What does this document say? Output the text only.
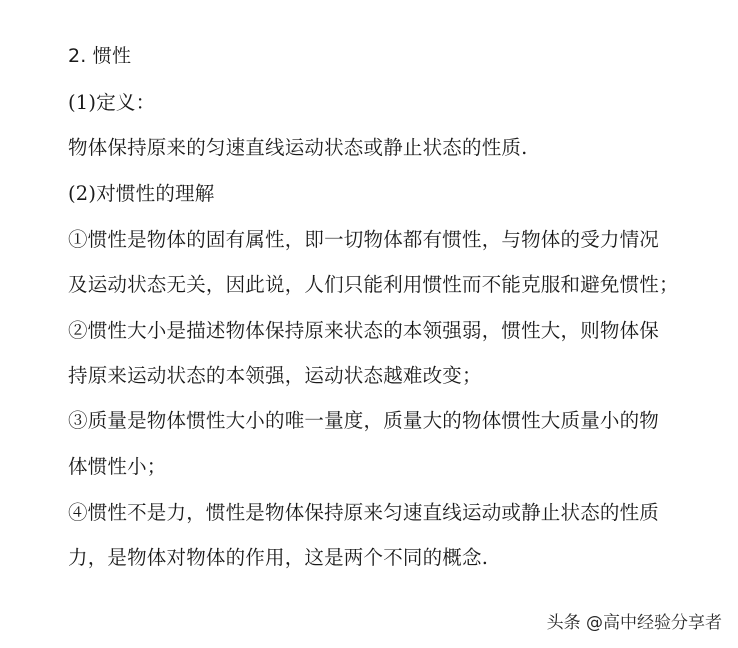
2. 惯性
(1)定义：
物体保持原来的匀速直线运动状态或静止状态的性质.
(2)对惯性的理解
①惯性是物体的固有属性，即一切物体都有惯性，与物体的受力情况
及运动状态无关，因此说，人们只能利用惯性而不能克服和避免惯性；
②惯性大小是描述物体保持原来状态的本领强弱，惯性大，则物体保
持原来运动状态的本领强，运动状态越难改变；
③质量是物体惯性大小的唯一量度，质量大的物体惯性大质量小的物
体惯性小；
④惯性不是力，惯性是物体保持原来匀速直线运动或静止状态的性质
力，是物体对物体的作用，这是两个不同的概念.
头条 @高中经验分享者
